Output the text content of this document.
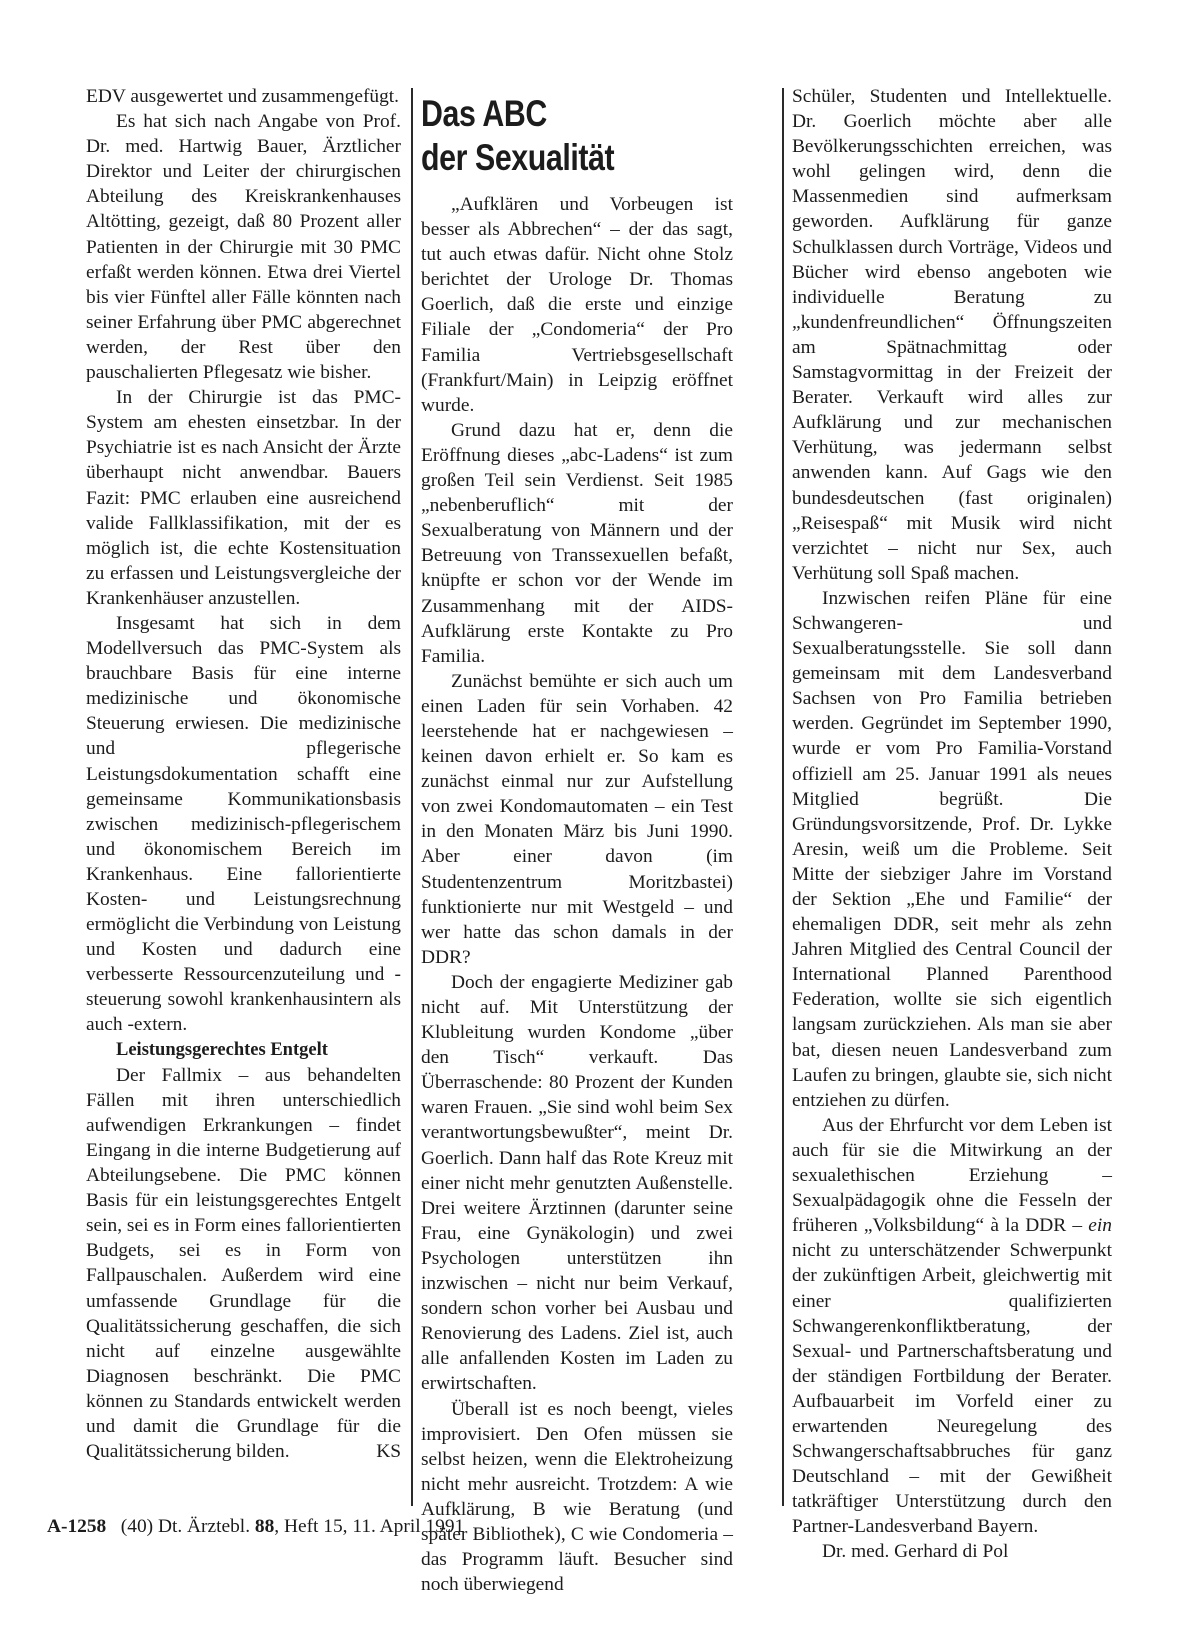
EDV ausgewertet und zusammengefügt.

Es hat sich nach Angabe von Prof. Dr. med. Hartwig Bauer, Ärztlicher Direktor und Leiter der chirurgischen Abteilung des Kreiskrankenhauses Altötting, gezeigt, daß 80 Prozent aller Patienten in der Chirurgie mit 30 PMC erfaßt werden können. Etwa drei Viertel bis vier Fünftel aller Fälle könnten nach seiner Erfahrung über PMC abgerechnet werden, der Rest über den pauschalierten Pflegesatz wie bisher.

In der Chirurgie ist das PMC-System am ehesten einsetzbar. In der Psychiatrie ist es nach Ansicht der Ärzte überhaupt nicht anwendbar. Bauers Fazit: PMC erlauben eine ausreichend valide Fallklassifikation, mit der es möglich ist, die echte Kostensituation zu erfassen und Leistungsvergleiche der Krankenhäuser anzustellen.

Insgesamt hat sich in dem Modellversuch das PMC-System als brauchbare Basis für eine interne medizinische und ökonomische Steuerung erwiesen. Die medizinische und pflegerische Leistungsdokumentation schafft eine gemeinsame Kommunikationsbasis zwischen medizinisch-pflegerischem und ökonomischem Bereich im Krankenhaus. Eine fallorientierte Kosten- und Leistungsrechnung ermöglicht die Verbindung von Leistung und Kosten und dadurch eine verbesserte Ressourcenzuteilung und -steuerung sowohl krankenhausintern als auch -extern.

Leistungsgerechtes Entgelt

Der Fallmix – aus behandelten Fällen mit ihren unterschiedlich aufwendigen Erkrankungen – findet Eingang in die interne Budgetierung auf Abteilungsebene. Die PMC können Basis für ein leistungsgerechtes Entgelt sein, sei es in Form eines fallorientierten Budgets, sei es in Form von Fallpauschalen. Außerdem wird eine umfassende Grundlage für die Qualitätssicherung geschaffen, die sich nicht auf einzelne ausgewählte Diagnosen beschränkt. Die PMC können zu Standards entwickelt werden und damit die Grundlage für die Qualitätssicherung bilden.	KS

Das ABC
der Sexualität

„Aufklären und Vorbeugen ist besser als Abbrechen“ – der das sagt, tut auch etwas dafür. Nicht ohne Stolz berichtet der Urologe Dr. Thomas Goerlich, daß die erste und einzige Filiale der „Condomeria“ der Pro Familia Vertriebsgesellschaft (Frankfurt/Main) in Leipzig eröffnet wurde.

Grund dazu hat er, denn die Eröffnung dieses „abc-Ladens“ ist zum großen Teil sein Verdienst. Seit 1985 „nebenberuflich“ mit der Sexualberatung von Männern und der Betreuung von Transsexuellen befaßt, knüpfte er schon vor der Wende im Zusammenhang mit der AIDS-Aufklärung erste Kontakte zu Pro Familia.

Zunächst bemühte er sich auch um einen Laden für sein Vorhaben. 42 leerstehende hat er nachgewiesen – keinen davon erhielt er. So kam es zunächst einmal nur zur Aufstellung von zwei Kondomautomaten – ein Test in den Monaten März bis Juni 1990. Aber einer davon (im Studentenzentrum Moritzbastei) funktionierte nur mit Westgeld – und wer hatte das schon damals in der DDR?

Doch der engagierte Mediziner gab nicht auf. Mit Unterstützung der Klubleitung wurden Kondome „über den Tisch“ verkauft. Das Überraschende: 80 Prozent der Kunden waren Frauen. „Sie sind wohl beim Sex verantwortungsbewußter“, meint Dr. Goerlich. Dann half das Rote Kreuz mit einer nicht mehr genutzten Außenstelle. Drei weitere Ärztinnen (darunter seine Frau, eine Gynäkologin) und zwei Psychologen unterstützen ihn inzwischen – nicht nur beim Verkauf, sondern schon vorher bei Ausbau und Renovierung des Ladens. Ziel ist, auch alle anfallenden Kosten im Laden zu erwirtschaften.

Überall ist es noch beengt, vieles improvisiert. Den Ofen müssen sie selbst heizen, wenn die Elektroheizung nicht mehr ausreicht. Trotzdem: A wie Aufklärung, B wie Beratung (und später Bibliothek), C wie Condomeria – das Programm läuft. Besucher sind noch überwiegend

Schüler, Studenten und Intellektuelle. Dr. Goerlich möchte aber alle Bevölkerungsschichten erreichen, was wohl gelingen wird, denn die Massenmedien sind aufmerksam geworden. Aufklärung für ganze Schulklassen durch Vorträge, Videos und Bücher wird ebenso angeboten wie individuelle Beratung zu „kundenfreundlichen“ Öffnungszeiten am Spätnachmittag oder Samstagvormittag in der Freizeit der Berater. Verkauft wird alles zur Aufklärung und zur mechanischen Verhütung, was jedermann selbst anwenden kann. Auf Gags wie den bundesdeutschen (fast originalen) „Reisespaß“ mit Musik wird nicht verzichtet – nicht nur Sex, auch Verhütung soll Spaß machen.

Inzwischen reifen Pläne für eine Schwangeren- und Sexualberatungsstelle. Sie soll dann gemeinsam mit dem Landesverband Sachsen von Pro Familia betrieben werden. Gegründet im September 1990, wurde er vom Pro Familia-Vorstand offiziell am 25. Januar 1991 als neues Mitglied begrüßt. Die Gründungsvorsitzende, Prof. Dr. Lykke Aresin, weiß um die Probleme. Seit Mitte der siebziger Jahre im Vorstand der Sektion „Ehe und Familie“ der ehemaligen DDR, seit mehr als zehn Jahren Mitglied des Central Council der International Planned Parenthood Federation, wollte sie sich eigentlich langsam zurückziehen. Als man sie aber bat, diesen neuen Landesverband zum Laufen zu bringen, glaubte sie, sich nicht entziehen zu dürfen.

Aus der Ehrfurcht vor dem Leben ist auch für sie die Mitwirkung an der sexualethischen Erziehung – Sexualpädagogik ohne die Fesseln der früheren „Volksbildung“ à la DDR – ein nicht zu unterschätzender Schwerpunkt der zukünftigen Arbeit, gleichwertig mit einer qualifizierten Schwangerenkonfliktberatung, der Sexual- und Partnerschaftsberatung und der ständigen Fortbildung der Berater. Aufbauarbeit im Vorfeld einer zu erwartenden Neuregelung des Schwangerschaftsabbruches für ganz Deutschland – mit der Gewißheit tatkräftiger Unterstützung durch den Partner-Landesverband Bayern.

Dr. med. Gerhard di Pol

A-1258 (40) Dt. Ärztebl. 88, Heft 15, 11. April 1991
